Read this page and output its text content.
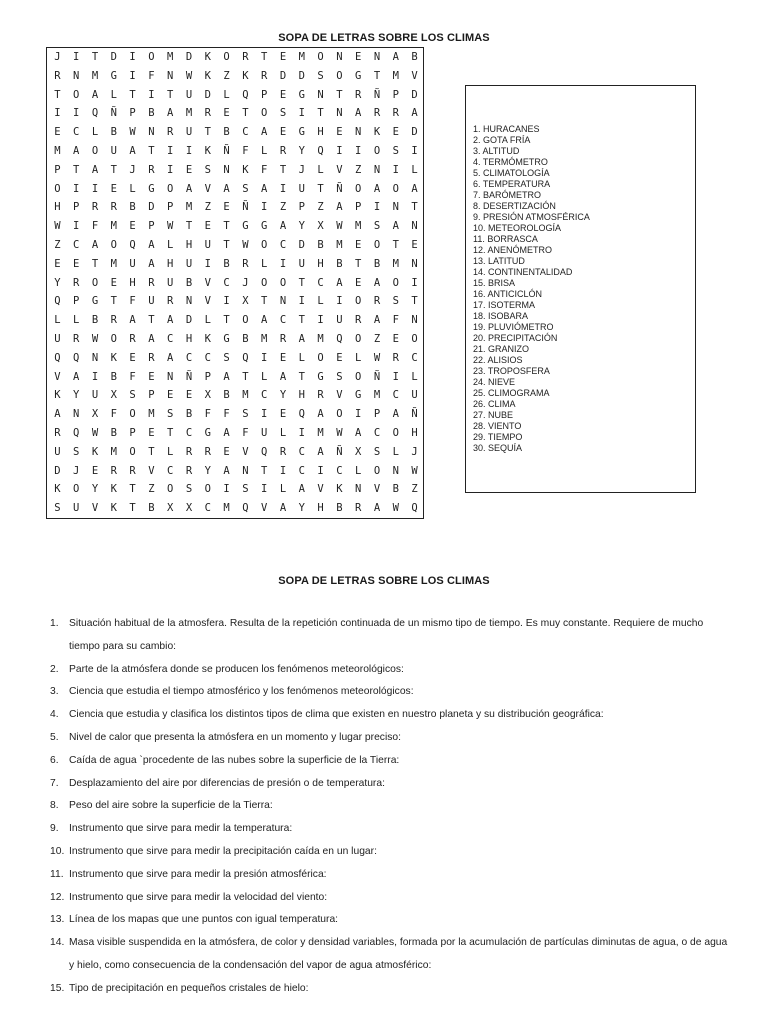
SOPA DE LETRAS SOBRE LOS CLIMAS
J	I	T	D	I	O	M	D	K	O	R	T	E	M	O	N	E	N	A	B
R	N	M	G	I	F	N	W	K	Z	K	R	D	D	S	O	G	T	M	V
T	O	A	L	T	I	T	U	D	L	Q	P	E	G	N	T	R	Ñ	P	D
I	I	Q	Ñ	P	B	A	M	R	E	T	O	S	I	T	N	A	R	R	A
E	C	L	B	W	N	R	U	T	B	C	A	E	G	H	E	N	K	E	D
M	A	O	U	A	T	I	I	K	Ñ	F	L	R	Y	Q	I	I	O	S	I
P	T	A	T	J	R	I	E	S	N	K	F	T	J	L	V	Z	N	I	L
O	I	I	E	L	G	O	A	V	A	S	A	I	U	T	Ñ	O	A	O	A
H	P	R	R	B	D	P	M	Z	E	Ñ	I	Z	P	Z	A	P	I	N	T
W	I	F	M	E	P	W	T	E	T	G	G	A	Y	X	W	M	S	A	N
Z	C	A	O	Q	A	L	H	U	T	W	O	C	D	B	M	E	O	T	E
E	E	T	M	U	A	H	U	I	B	R	L	I	U	H	B	T	B	M	N
Y	R	O	E	H	R	U	B	V	C	J	O	O	T	C	A	E	A	O	I
Q	P	G	T	F	U	R	N	V	I	X	T	N	I	L	I	O	R	S	T
L	L	B	R	A	T	A	D	L	T	O	A	C	T	I	U	R	A	F	N
U	R	W	O	R	A	C	H	K	G	B	M	R	A	M	Q	O	Z	E	O
Q	Q	N	K	E	R	A	C	C	S	Q	I	E	L	O	E	L	W	R	C
V	A	I	B	F	E	N	Ñ	P	A	T	L	A	T	G	S	O	Ñ	I	L
K	Y	U	X	S	P	E	E	X	B	M	C	Y	H	R	V	G	M	C	U
A	N	X	F	O	M	S	B	F	F	S	I	E	Q	A	O	I	P	A	Ñ
R	Q	W	B	P	E	T	C	G	A	F	U	L	I	M	W	A	C	O	H
U	S	K	M	O	T	L	R	R	E	V	Q	R	C	A	Ñ	X	S	L	J
D	J	E	R	R	V	C	R	Y	A	N	T	I	C	I	C	L	O	N	W
K	O	Y	K	T	Z	O	S	O	I	S	I	L	A	V	K	N	V	B	Z
S	U	V	K	T	B	X	X	C	M	Q	V	A	Y	H	B	R	A	W	Q
1. HURACANES
2. GOTA FRÍA
3. ALTITUD
4. TERMÓMETRO
5. CLIMATOLOGÍA
6. TEMPERATURA
7. BARÓMETRO
8. DESERTIZACIÓN
9. PRESIÓN ATMOSFÉRICA
10. METEOROLOGÍA
11. BORRASCA
12. ANENÓMETRO
13. LATITUD
14. CONTINENTALIDAD
15. BRISA
16. ANTICICLÓN
17. ISOTERMA
18. ISOBARA
19. PLUVIÓMETRO
20. PRECIPITACIÓN
21. GRANIZO
22. ALISIOS
23. TROPOSFERA
24. NIEVE
25. CLIMOGRAMA
26. CLIMA
27. NUBE
28. VIENTO
29. TIEMPO
30. SEQUÍA
SOPA DE LETRAS SOBRE LOS CLIMAS
1. Situación habitual de la atmosfera. Resulta de la repetición continuada de un mismo tipo de tiempo. Es muy constante. Requiere de mucho tiempo para su cambio:
2. Parte de la atmósfera donde se producen los fenómenos meteorológicos:
3. Ciencia que estudia el tiempo atmosférico y los fenómenos meteorológicos:
4. Ciencia que estudia y clasifica los distintos tipos de clima que existen en nuestro planeta y su distribución geográfica:
5. Nivel de calor que presenta la atmósfera en un momento y lugar preciso:
6. Caída de agua `procedente de las nubes sobre la superficie de la Tierra:
7. Desplazamiento del aire por diferencias de presión o de temperatura:
8. Peso del aire sobre la superficie de la Tierra:
9. Instrumento que sirve para medir la temperatura:
10. Instrumento que sirve para medir la precipitación caída en un lugar:
11. Instrumento que sirve para medir la presión atmosférica:
12. Instrumento que sirve para medir la velocidad del viento:
13. Línea de los mapas que une puntos con igual temperatura:
14. Masa visible suspendida en la atmósfera, de color y densidad variables, formada por la acumulación de partículas diminutas de agua, o de agua y hielo, como consecuencia de la condensación del vapor de agua atmosférico:
15. Tipo de precipitación en pequeños cristales de hielo:
